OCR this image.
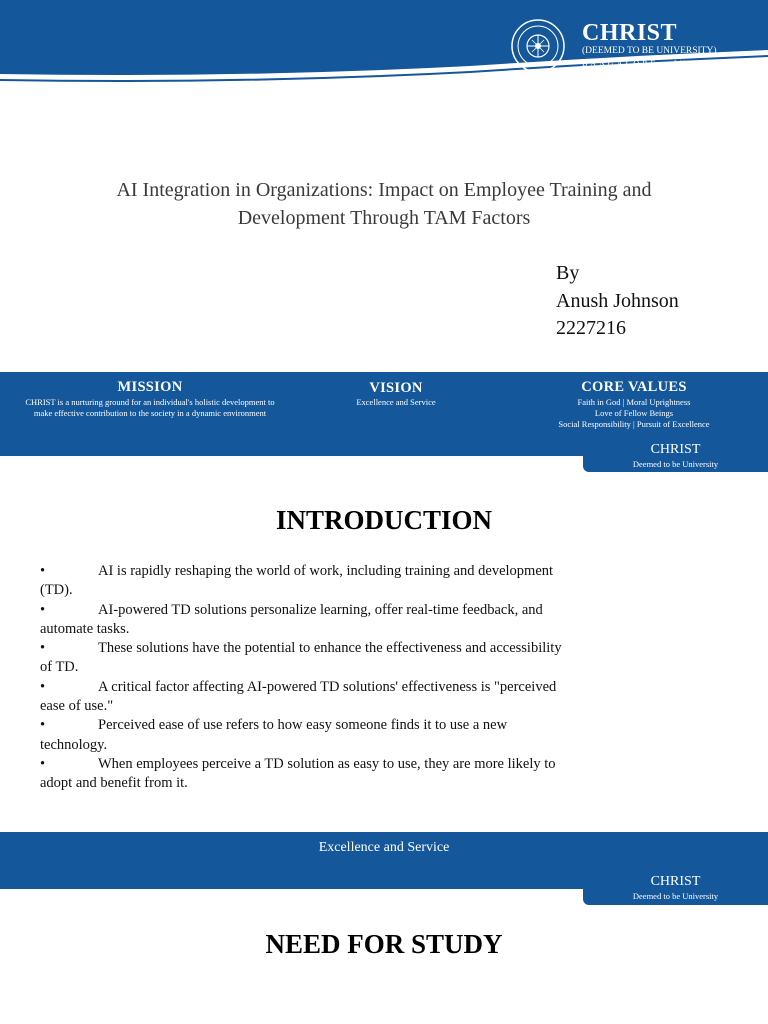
CHRIST
(DEEMED TO BE UNIVERSITY)
BANGALORE · INDIA
AI Integration in Organizations: Impact on Employee Training and
Development Through TAM Factors
By
Anush Johnson
2227216
MISSION
CHRIST is a nurturing ground for an individual's holistic development to
make effective contribution to the society in a dynamic environment
VISION
Excellence and Service
CORE VALUES
Faith in God | Moral Uprightness
Love of Fellow Beings
Social Responsibility | Pursuit of Excellence
CHRIST
Deemed to be University
INTRODUCTION
•	AI is rapidly reshaping the world of work, including training and development
(TD).
•	AI-powered TD solutions personalize learning, offer real-time feedback, and
automate tasks.
•	These solutions have the potential to enhance the effectiveness and accessibility
of TD.
•	A critical factor affecting AI-powered TD solutions' effectiveness is "perceived
ease of use."
•	Perceived ease of use refers to how easy someone finds it to use a new
technology.
•	When employees perceive a TD solution as easy to use, they are more likely to
adopt and benefit from it.
Excellence and Service
CHRIST
Deemed to be University
NEED FOR STUDY
